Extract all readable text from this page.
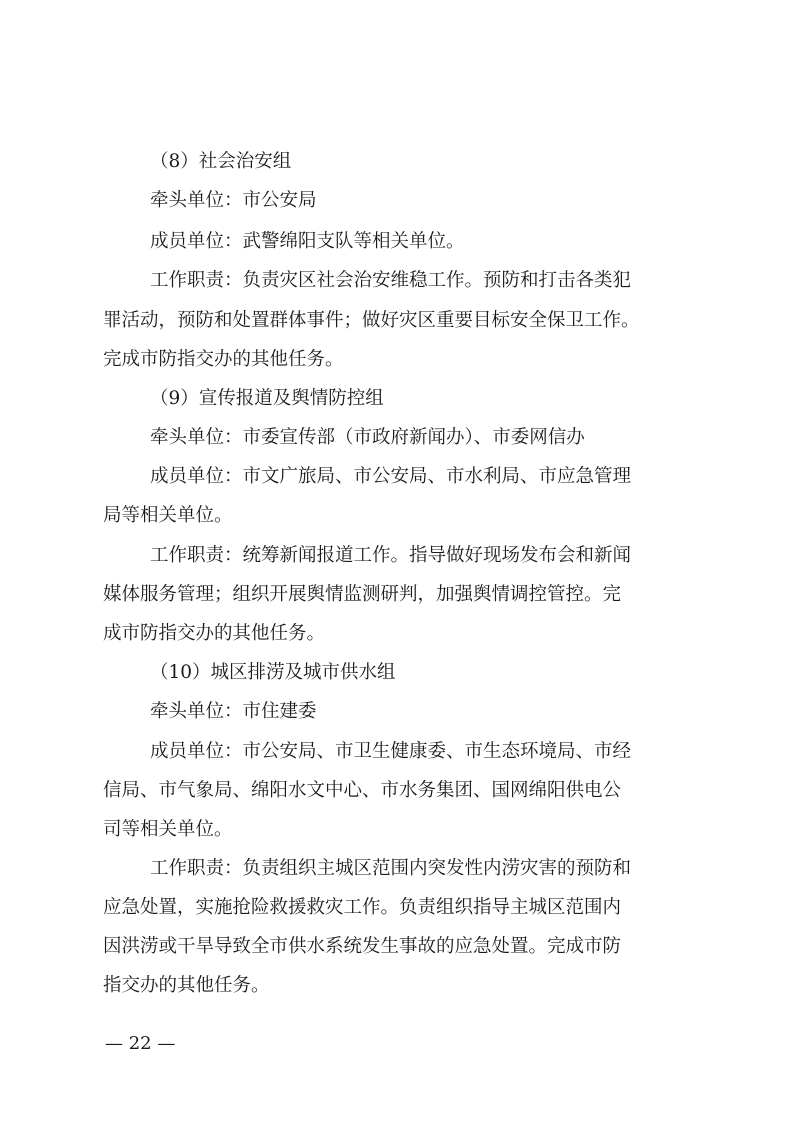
（8）社会治安组
牵头单位：市公安局
成员单位：武警绵阳支队等相关单位。
工作职责：负责灾区社会治安维稳工作。预防和打击各类犯
罪活动，预防和处置群体事件；做好灾区重要目标安全保卫工作。
完成市防指交办的其他任务。
（9）宣传报道及舆情防控组
牵头单位：市委宣传部（市政府新闻办）、市委网信办
成员单位：市文广旅局、市公安局、市水利局、市应急管理
局等相关单位。
工作职责：统筹新闻报道工作。指导做好现场发布会和新闻
媒体服务管理；组织开展舆情监测研判，加强舆情调控管控。完
成市防指交办的其他任务。
（10）城区排涝及城市供水组
牵头单位：市住建委
成员单位：市公安局、市卫生健康委、市生态环境局、市经
信局、市气象局、绵阳水文中心、市水务集团、国网绵阳供电公
司等相关单位。
工作职责：负责组织主城区范围内突发性内涝灾害的预防和
应急处置，实施抢险救援救灾工作。负责组织指导主城区范围内
因洪涝或干旱导致全市供水系统发生事故的应急处置。完成市防
指交办的其他任务。
— 22 —
